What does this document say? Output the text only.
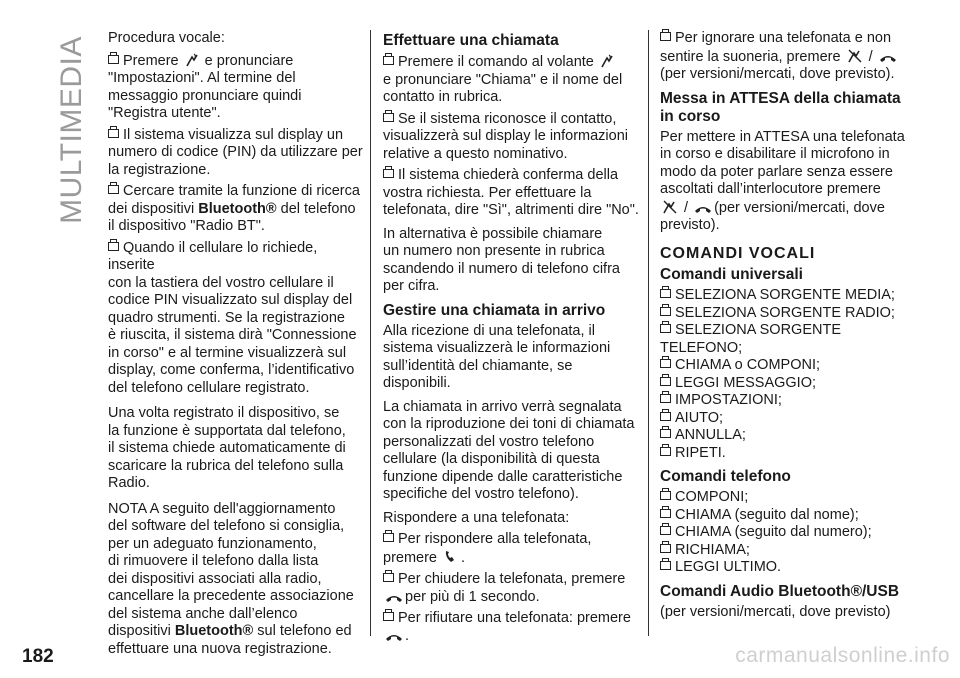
MULTIMEDIA Procedura vocale:

Premere e pronunciare
"Impostazioni". Al termine del
messaggio pronunciare quindi
"Registra utente".

Il sistema visualizza sul display un
numero di codice (PIN) da utilizzare per
la registrazione.

Cercare tramite la funzione di ricerca
dei dispositivi Bluetooth® del telefono
il dispositivo "Radio BT".

Quando il cellulare lo richiede, inserite
con la tastiera del vostro cellulare il
codice PIN visualizzato sul display del
quadro strumenti. Se la registrazione
è riuscita, il sistema dirà "Connessione
in corso" e al termine visualizzerà sul
display, come conferma, l’identificativo
del telefono cellulare registrato.

Una volta registrato il dispositivo, se
la funzione è supportata dal telefono,
il sistema chiede automaticamente di
scaricare la rubrica del telefono sulla
Radio.

NOTA A seguito dell'aggiornamento
del software del telefono si consiglia,
per un adeguato funzionamento,
di rimuovere il telefono dalla lista
dei dispositivi associati alla radio,
cancellare la precedente associazione
del sistema anche dall’elenco
dispositivi Bluetooth® sul telefono ed
effettuare una nuova registrazione.

Effettuare una chiamata

Premere il comando al volante
e pronunciare "Chiama" e il nome del
contatto in rubrica.

Se il sistema riconosce il contatto,
visualizzerà sul display le informazioni
relative a questo nominativo.

Il sistema chiederà conferma della
vostra richiesta. Per effettuare la
telefonata, dire "Sì", altrimenti dire "No".

In alternativa è possibile chiamare
un numero non presente in rubrica
scandendo il numero di telefono cifra
per cifra.

Gestire una chiamata in arrivo

Alla ricezione di una telefonata, il
sistema visualizzerà le informazioni
sull’identità del chiamante, se
disponibili.

La chiamata in arrivo verrà segnalata
con la riproduzione dei toni di chiamata
personalizzati del vostro telefono
cellulare (la disponibilità di questa
funzione dipende dalle caratteristiche
specifiche del vostro telefono).

Rispondere a una telefonata:

Per rispondere alla telefonata,
premere .

Per chiudere la telefonata, premere
per più di 1 secondo.

Per rifiutare una telefonata: premere
.

Per ignorare una telefonata e non
sentire la suoneria, premere /
(per versioni/mercati, dove previsto).

Messa in ATTESA della chiamata in corso

Per mettere in ATTESA una telefonata
in corso e disabilitare il microfono in
modo da poter parlare senza essere
ascoltati dall’interlocutore premere
/ (per versioni/mercati, dove
previsto).

COMANDI VOCALI
Comandi universali
SELEZIONA SORGENTE MEDIA;
SELEZIONA SORGENTE RADIO;
SELEZIONA SORGENTE
TELEFONO;
CHIAMA o COMPONI;
LEGGI MESSAGGIO;
IMPOSTAZIONI;
AIUTO;
ANNULLA;
RIPETI.
Comandi telefono
COMPONI;
CHIAMA (seguito dal nome);
CHIAMA (seguito dal numero);
RICHIAMA;
LEGGI ULTIMO.
Comandi Audio Bluetooth®/USB

(per versioni/mercati, dove previsto)

182	carmanualsonline.info
